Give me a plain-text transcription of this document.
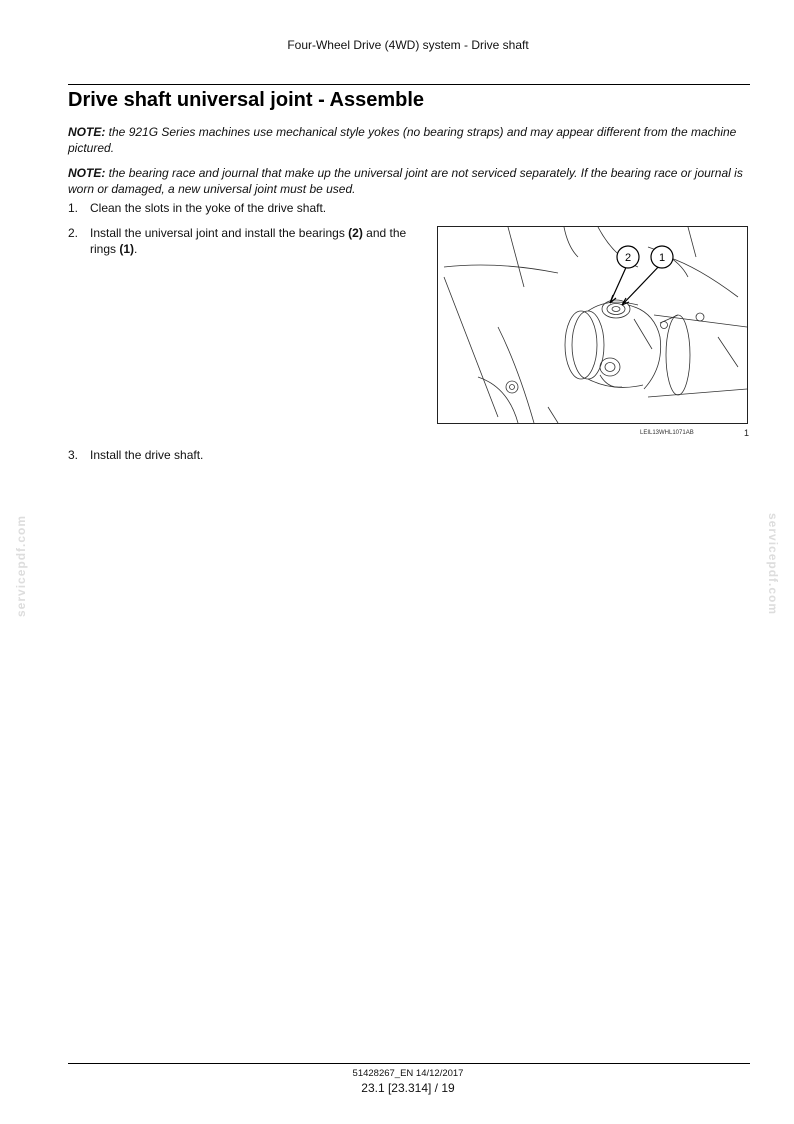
Four-Wheel Drive (4WD) system - Drive shaft
Drive shaft universal joint - Assemble

NOTE: the 921G Series machines use mechanical style yokes (no bearing straps) and may appear different from the machine pictured.

NOTE: the bearing race and journal that make up the universal joint are not serviced separately. If the bearing race or journal is worn or damaged, a new universal joint must be used.

1. Clean the slots in the yoke of the drive shaft.
2. Install the universal joint and install the bearings (2) and the rings (1).
2	1
LEIL13WHL1071AB	1
3. Install the drive shaft.
servicepdf.com	servicepdf.com
51428267_EN 14/12/2017
23.1 [23.314] / 19
